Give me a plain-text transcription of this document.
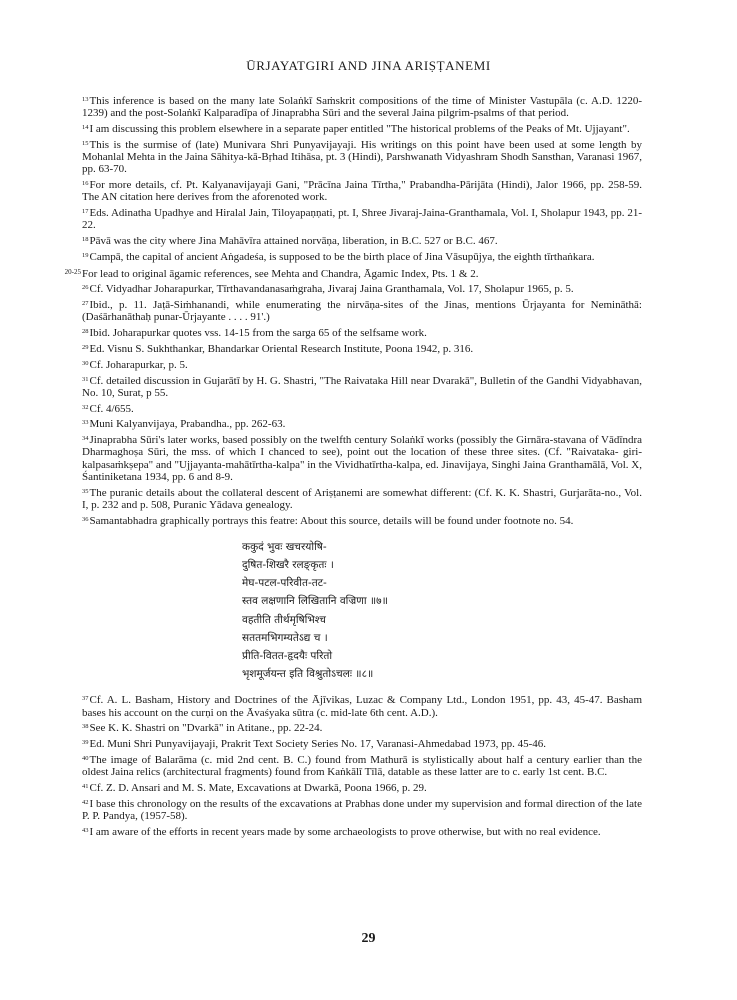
ŪRJAYATGIRI AND JINA ARIṢṬANEMI

$^{13}$This inference is based on the many late Solaṅkī Saṁskrit compositions of the time of Minister Vastupāla (c. A.D. 1220-1239) and the post-Solaṅkī Kalparadīpa of Jinaprabha Sūri and the several Jaina pilgrim-psalms of that period.

$^{14}$I am discussing this problem elsewhere in a separate paper entitled "The historical problems of the Peaks of Mt. Ujjayant".

$^{15}$This is the surmise of (late) Munivara Shri Punyavijayaji. His writings on this point have been used at some length by Mohanlal Mehta in the Jaina Sāhitya-kā-Bṛhad Itihāsa, pt. 3 (Hindi), Parshwanath Vidyashram Shodh Sansthan, Varanasi 1967, pp. 63-70.

$^{16}$For more details, cf. Pt. Kalyanavijayaji Gani, "Prācīna Jaina Tīrtha," Prabandha-Pārijāta (Hindi), Jalor 1966, pp. 258-59. The AN citation here derives from the aforenoted work.

$^{17}$Eds. Adinatha Upadhye and Hiralal Jain, Tiloyapaṇṇati, pt. I, Shree Jivaraj-Jaina-Granthamala, Vol. I, Sholapur 1943, pp. 21-22.

$^{18}$Pāvā was the city where Jina Mahāvīra attained norvāṇa, liberation, in B.C. 527 or B.C. 467.

$^{19}$Campā, the capital of ancient Aṅgadeśa, is supposed to be the birth place of Jina Vāsupūjya, the eighth tīrthaṅkara.

$^{20-25}$For lead to original āgamic references, see Mehta and Chandra, Āgamic Index, Pts. 1 & 2.

$^{26}$Cf. Vidyadhar Joharapurkar, Tīrthavandanasaṁgraha, Jivaraj Jaina Granthamala, Vol. 17, Sholapur 1965, p. 5.

$^{27}$Ibid., p. 11. Jaṭā-Siṁhanandi, while enumerating the nirvāṇa-sites of the Jinas, mentions Ūrjayanta for Nemināthā: (Daśārhanāthaḥ punar-Ūrjayante . . . . 91'.)

$^{28}$Ibid. Joharapurkar quotes vss. 14-15 from the sarga 65 of the selfsame work.

$^{29}$Ed. Visnu S. Sukhthankar, Bhandarkar Oriental Research Institute, Poona 1942, p. 316.

$^{30}$Cf. Joharapurkar, p. 5.

$^{31}$Cf. detailed discussion in Gujarātī by H. G. Shastri, "The Raivataka Hill near Dvarakā", Bulletin of the Gandhi Vidyabhavan, No. 10, Surat, p 55.

$^{32}$Cf. 4/655.

$^{33}$Muni Kalyanvijaya, Prabandha., pp. 262-63.

$^{34}$Jinaprabha Sūri's later works, based possibly on the twelfth century Solaṅkī works (possibly the Girnāra-stavana of Vādīndra Dharmaghoṣa Sūri, the mss. of which I chanced to see), point out the location of these three sites. (Cf. "Raivataka- giri-kalpasaṁkṣepa" and "Ujjayanta-mahātīrtha-kalpa" in the Vividhatīrtha-kalpa, ed. Jinavijaya, Singhi Jaina Granthamālā, Vol. X, Śantiniketana 1934, pp. 6 and 8-9.

$^{35}$The puranic details about the collateral descent of Ariṣṭanemi are somewhat different: (Cf. K. K. Shastri, Gurjarāta-no., Vol. I, p. 232 and p. 508, Puranic Yādava genealogy.

$^{36}$Samantabhadra graphically portrays this featre: About this source, details will be found under footnote no. 54.

ककुदं भुवः खचरयोषि-
दुषित-शिखरै रलङ्कृतः ।
मेघ-पटल-परिवीत-तट-
स्तव लक्षणानि लिखितानि वज्रिणा ॥७॥
वहतीति तीर्थमृषिभिश्च
सततमभिगम्यतेऽद्य च ।
प्रीति-वितत-हृदयैः परितो
भृशमूर्जयन्त इति विश्रुतोऽचलः ॥८॥

$^{37}$Cf. A. L. Basham, History and Doctrines of the Ājīvikas, Luzac & Company Ltd., London 1951, pp. 43, 45-47. Basham bases his account on the curṇi on the Āvaśyaka sūtra (c. mid-late 6th cent. A.D.).

$^{38}$See K. K. Shastri on "Dvarkā" in Atitane., pp. 22-24.

$^{39}$Ed. Muni Shri Punyavijayaji, Prakrit Text Society Series No. 17, Varanasi-Ahmedabad 1973, pp. 45-46.

$^{40}$The image of Balarāma (c. mid 2nd cent. B. C.) found from Mathurā is stylistically about half a century earlier than the oldest Jaina relics (architectural fragments) found from Kaṅkālī Tīlā, datable as these latter are to c. early 1st cent. B.C.

$^{41}$Cf. Z. D. Ansari and M. S. Mate, Excavations at Dwarkā, Poona 1966, p. 29.

$^{42}$I base this chronology on the results of the excavations at Prabhas done under my supervision and formal direction of the late P. P. Pandya, (1957-58).

$^{43}$I am aware of the efforts in recent years made by some archaeologists to prove otherwise, but with no real evidence.

29
